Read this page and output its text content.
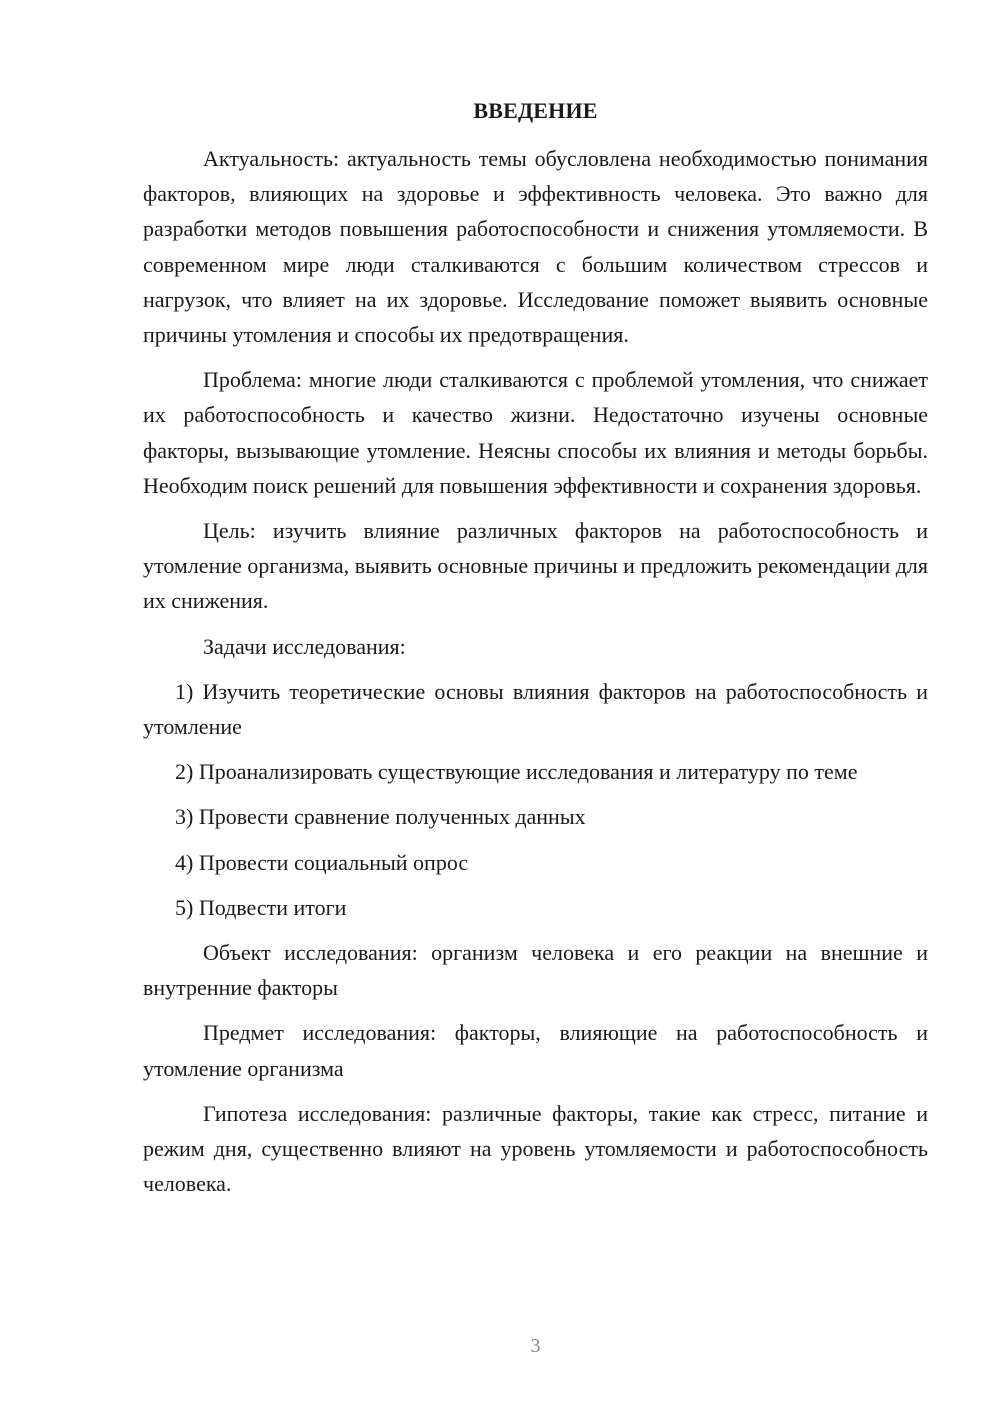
ВВЕДЕНИЕ

Актуальность: актуальность темы обусловлена необходимостью понимания факторов, влияющих на здоровье и эффективность человека. Это важно для разработки методов повышения работоспособности и снижения утомляемости. В современном мире люди сталкиваются с большим количеством стрессов и нагрузок, что влияет на их здоровье. Исследование поможет выявить основные причины утомления и способы их предотвращения.

Проблема: многие люди сталкиваются с проблемой утомления, что снижает их работоспособность и качество жизни. Недостаточно изучены основные факторы, вызывающие утомление. Неясны способы их влияния и методы борьбы. Необходим поиск решений для повышения эффективности и сохранения здоровья.

Цель: изучить влияние различных факторов на работоспособность и утомление организма, выявить основные причины и предложить рекомендации для их снижения.

Задачи исследования:

1) Изучить теоретические основы влияния факторов на работоспособность и утомление

2) Проанализировать существующие исследования и литературу по теме

3) Провести сравнение полученных данных

4) Провести социальный опрос

5) Подвести итоги

Объект исследования: организм человека и его реакции на внешние и внутренние факторы

Предмет исследования: факторы, влияющие на работоспособность и утомление организма

Гипотеза исследования: различные факторы, такие как стресс, питание и режим дня, существенно влияют на уровень утомляемости и работоспособность человека.

3
